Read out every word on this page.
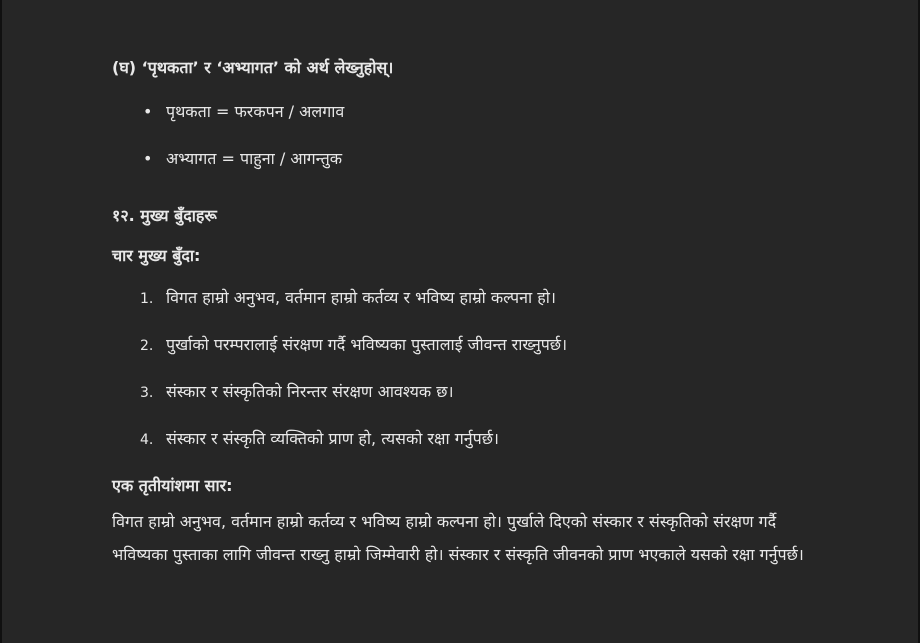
(घ) ‘पृथकता’ र ‘अभ्यागत’ को अर्थ लेख्नुहोस्।
• पृथकता = फरकपन / अलगाव
• अभ्यागत = पाहुना / आगन्तुक
१२. मुख्य बुँदाहरू
चार मुख्य बुँदा:
1. विगत हाम्रो अनुभव, वर्तमान हाम्रो कर्तव्य र भविष्य हाम्रो कल्पना हो।
2. पुर्खाको परम्परालाई संरक्षण गर्दै भविष्यका पुस्तालाई जीवन्त राख्नुपर्छ।
3. संस्कार र संस्कृतिको निरन्तर संरक्षण आवश्यक छ।
4. संस्कार र संस्कृति व्यक्तिको प्राण हो, त्यसको रक्षा गर्नुपर्छ।
एक तृतीयांशमा सार:
विगत हाम्रो अनुभव, वर्तमान हाम्रो कर्तव्य र भविष्य हाम्रो कल्पना हो। पुर्खाले दिएको संस्कार र संस्कृतिको संरक्षण गर्दै भविष्यका पुस्ताका लागि जीवन्त राख्नु हाम्रो जिम्मेवारी हो। संस्कार र संस्कृति जीवनको प्राण भएकाले यसको रक्षा गर्नुपर्छ।
